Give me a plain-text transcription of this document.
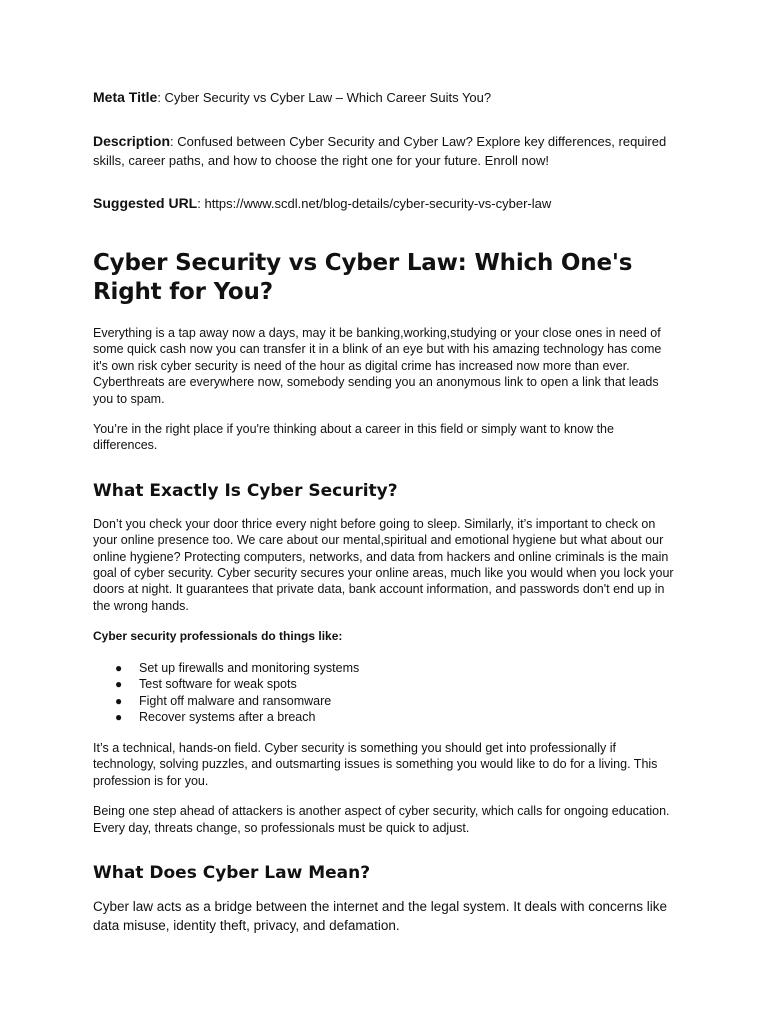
Meta Title: Cyber Security vs Cyber Law – Which Career Suits You?

Description: Confused between Cyber Security and Cyber Law? Explore key differences, required skills, career paths, and how to choose the right one for your future. Enroll now!

Suggested URL: https://www.scdl.net/blog-details/cyber-security-vs-cyber-law

Cyber Security vs Cyber Law: Which One's Right for You?

Everything is a tap away now a days, may it be banking,working,studying or your close ones in need of some quick cash now you can transfer it in a blink of an eye but with his amazing technology has come it's own risk cyber security is need of the hour as digital crime has increased now more than ever. Cyberthreats are everywhere now, somebody sending you an anonymous link to open a link that leads you to spam.

You’re in the right place if you're thinking about a career in this field or simply want to know the differences.

What Exactly Is Cyber Security?

Don’t you check your door thrice every night before going to sleep. Similarly, it’s important to check on your online presence too. We care about our mental,spiritual and emotional hygiene but what about our online hygiene? Protecting computers, networks, and data from hackers and online criminals is the main goal of cyber security. Cyber security secures your online areas, much like you would when you lock your doors at night. It guarantees that private data, bank account information, and passwords don't end up in the wrong hands.

Cyber security professionals do things like:

● Set up firewalls and monitoring systems
● Test software for weak spots
● Fight off malware and ransomware
● Recover systems after a breach

It’s a technical, hands-on field. Cyber security is something you should get into professionally if technology, solving puzzles, and outsmarting issues is something you would like to do for a living. This profession is for you.

Being one step ahead of attackers is another aspect of cyber security, which calls for ongoing education. Every day, threats change, so professionals must be quick to adjust.

What Does Cyber Law Mean?

Cyber law acts as a bridge between the internet and the legal system. It deals with concerns like data misuse, identity theft, privacy, and defamation.
